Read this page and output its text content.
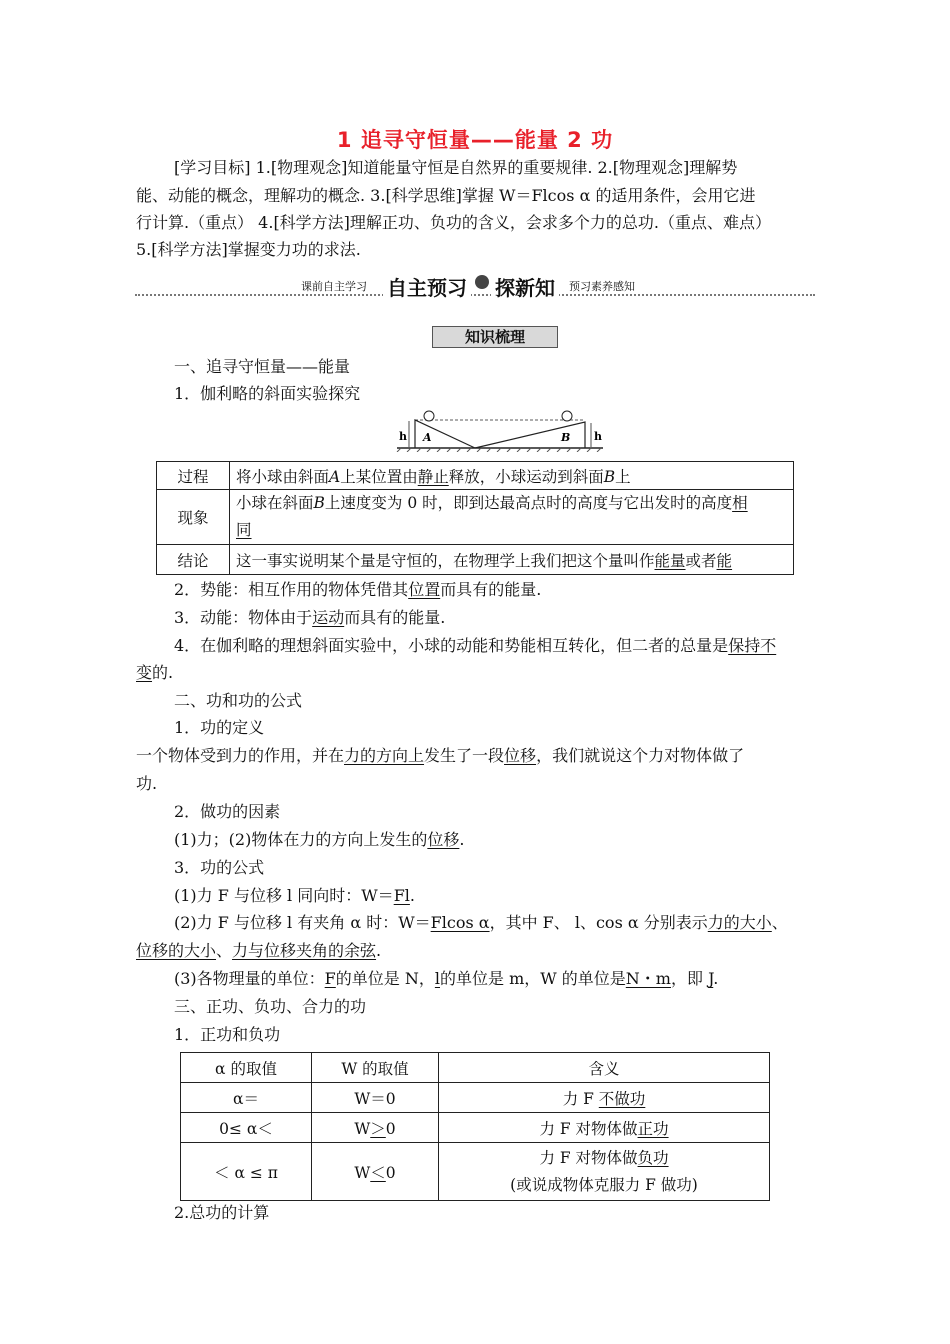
1 追寻守恒量——能量 2 功
[学习目标] 1.[物理观念]知道能量守恒是自然界的重要规律. 2.[物理观念]理解势
能、动能的概念，理解功的概念. 3.[科学思维]掌握 W＝Flcos α 的适用条件，会用它进
行计算.（重点） 4.[科学方法]理解正功、负功的含义，会求多个力的总功.（重点、难点）
5.[科学方法]掌握变力功的求法.
课前自主学习 自主预习 探新知	预习素养感知
知识梳理
一、追寻守恒量——能量
1．伽利略的斜面实验探究
h A	B h
过程	将小球由斜面A上某位置由静止释放，小球运动到斜面B上
现象	小球在斜面B上速度变为 0 时，即到达最高点时的高度与它出发时的高度相
同
结论	这一事实说明某个量是守恒的，在物理学上我们把这个量叫作能量或者能
2．势能：相互作用的物体凭借其位置而具有的能量.
3．动能：物体由于运动而具有的能量.
4．在伽利略的理想斜面实验中，小球的动能和势能相互转化，但二者的总量是保持不
变的.
二、功和功的公式
1．功的定义
一个物体受到力的作用，并在力的方向上发生了一段位移，我们就说这个力对物体做了
功.
2．做功的因素
(1)力；(2)物体在力的方向上发生的位移.
3．功的公式
(1)力 F 与位移 l 同向时：W＝Fl.
(2)力 F 与位移 l 有夹角 α 时：W＝Flcos α，其中 F、 l、cos α 分别表示力的大小、
位移的大小、力与位移夹角的余弦.
(3)各物理量的单位：F的单位是 N，l的单位是 m，W 的单位是N・m，即 J.
三、正功、负功、合力的功
1．正功和负功
α 的取值	W 的取值	含义
α＝	W＝0	力 F 不做功
0≤ α＜	W＞0	力 F 对物体做正功
＜ α ≤ π	W＜0	力 F 对物体做负功
(或说成物体克服力 F 做功)
2.总功的计算
